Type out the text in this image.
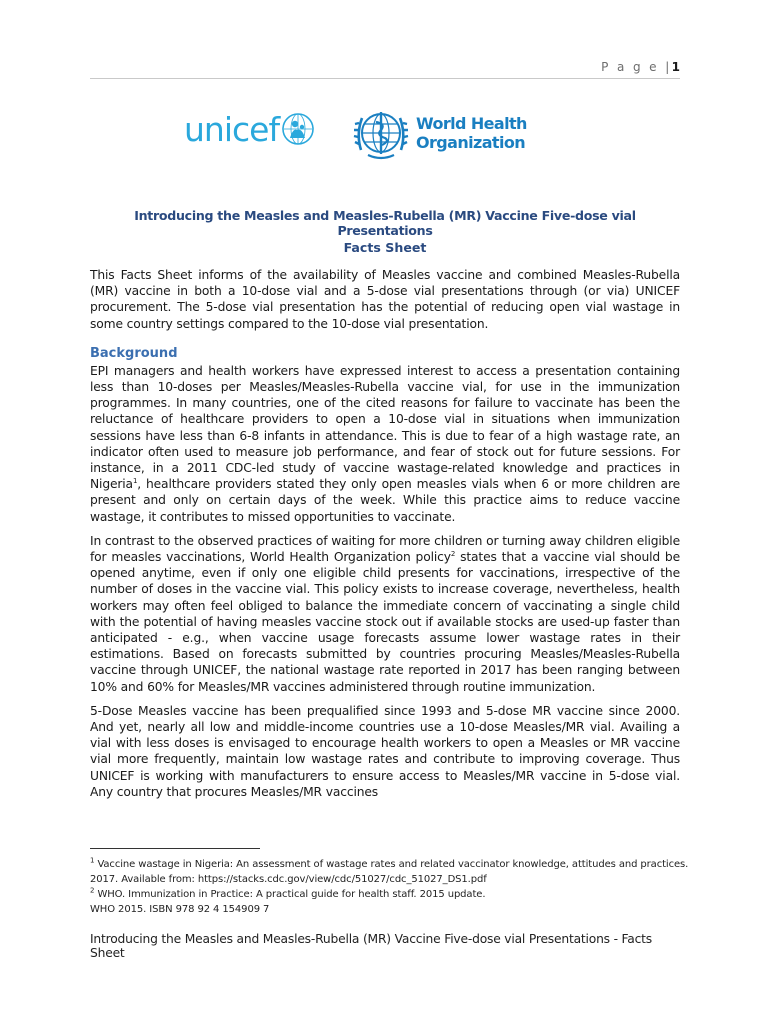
P a g e |1
unicef	World Health
Organization
Introducing the Measles and Measles-Rubella (MR) Vaccine Five-dose vial Presentations
Facts Sheet

This Facts Sheet informs of the availability of Measles vaccine and combined Measles-Rubella (MR) vaccine in both a 10-dose vial and a 5-dose vial presentations through (or via) UNICEF procurement. The 5-dose vial presentation has the potential of reducing open vial wastage in some country settings compared to the 10-dose vial presentation.

Background

EPI managers and health workers have expressed interest to access a presentation containing less than 10-doses per Measles/Measles-Rubella vaccine vial, for use in the immunization programmes. In many countries, one of the cited reasons for failure to vaccinate has been the reluctance of healthcare providers to open a 10-dose vial in situations when immunization sessions have less than 6-8 infants in attendance. This is due to fear of a high wastage rate, an indicator often used to measure job performance, and fear of stock out for future sessions. For instance, in a 2011 CDC-led study of vaccine wastage-related knowledge and practices in Nigeria$^1$, healthcare providers stated they only open measles vials when 6 or more children are present and only on certain days of the week. While this practice aims to reduce vaccine wastage, it contributes to missed opportunities to vaccinate.

In contrast to the observed practices of waiting for more children or turning away children eligible for measles vaccinations, World Health Organization policy$^2$ states that a vaccine vial should be opened anytime, even if only one eligible child presents for vaccinations, irrespective of the number of doses in the vaccine vial. This policy exists to increase coverage, nevertheless, health workers may often feel obliged to balance the immediate concern of vaccinating a single child with the potential of having measles vaccine stock out if available stocks are used-up faster than anticipated - e.g., when vaccine usage forecasts assume lower wastage rates in their estimations. Based on forecasts submitted by countries procuring Measles/Measles-Rubella vaccine through UNICEF, the national wastage rate reported in 2017 has been ranging between 10% and 60% for Measles/MR vaccines administered through routine immunization.

5-Dose Measles vaccine has been prequalified since 1993 and 5-dose MR vaccine since 2000. And yet, nearly all low and middle-income countries use a 10-dose Measles/MR vial. Availing a vial with less doses is envisaged to encourage health workers to open a Measles or MR vaccine vial more frequently, maintain low wastage rates and contribute to improving coverage. Thus UNICEF is working with manufacturers to ensure access to Measles/MR vaccine in 5-dose vial. Any country that procures Measles/MR vaccines

$^1$ Vaccine wastage in Nigeria: An assessment of wastage rates and related vaccinator knowledge, attitudes and practices. 2017. Available from: https://stacks.cdc.gov/view/cdc/51027/cdc_51027_DS1.pdf

$^2$ WHO. Immunization in Practice: A practical guide for health staff. 2015 update.

WHO 2015. ISBN 978 92 4 154909 7

Introducing the Measles and Measles-Rubella (MR) Vaccine Five-dose vial Presentations - Facts Sheet
